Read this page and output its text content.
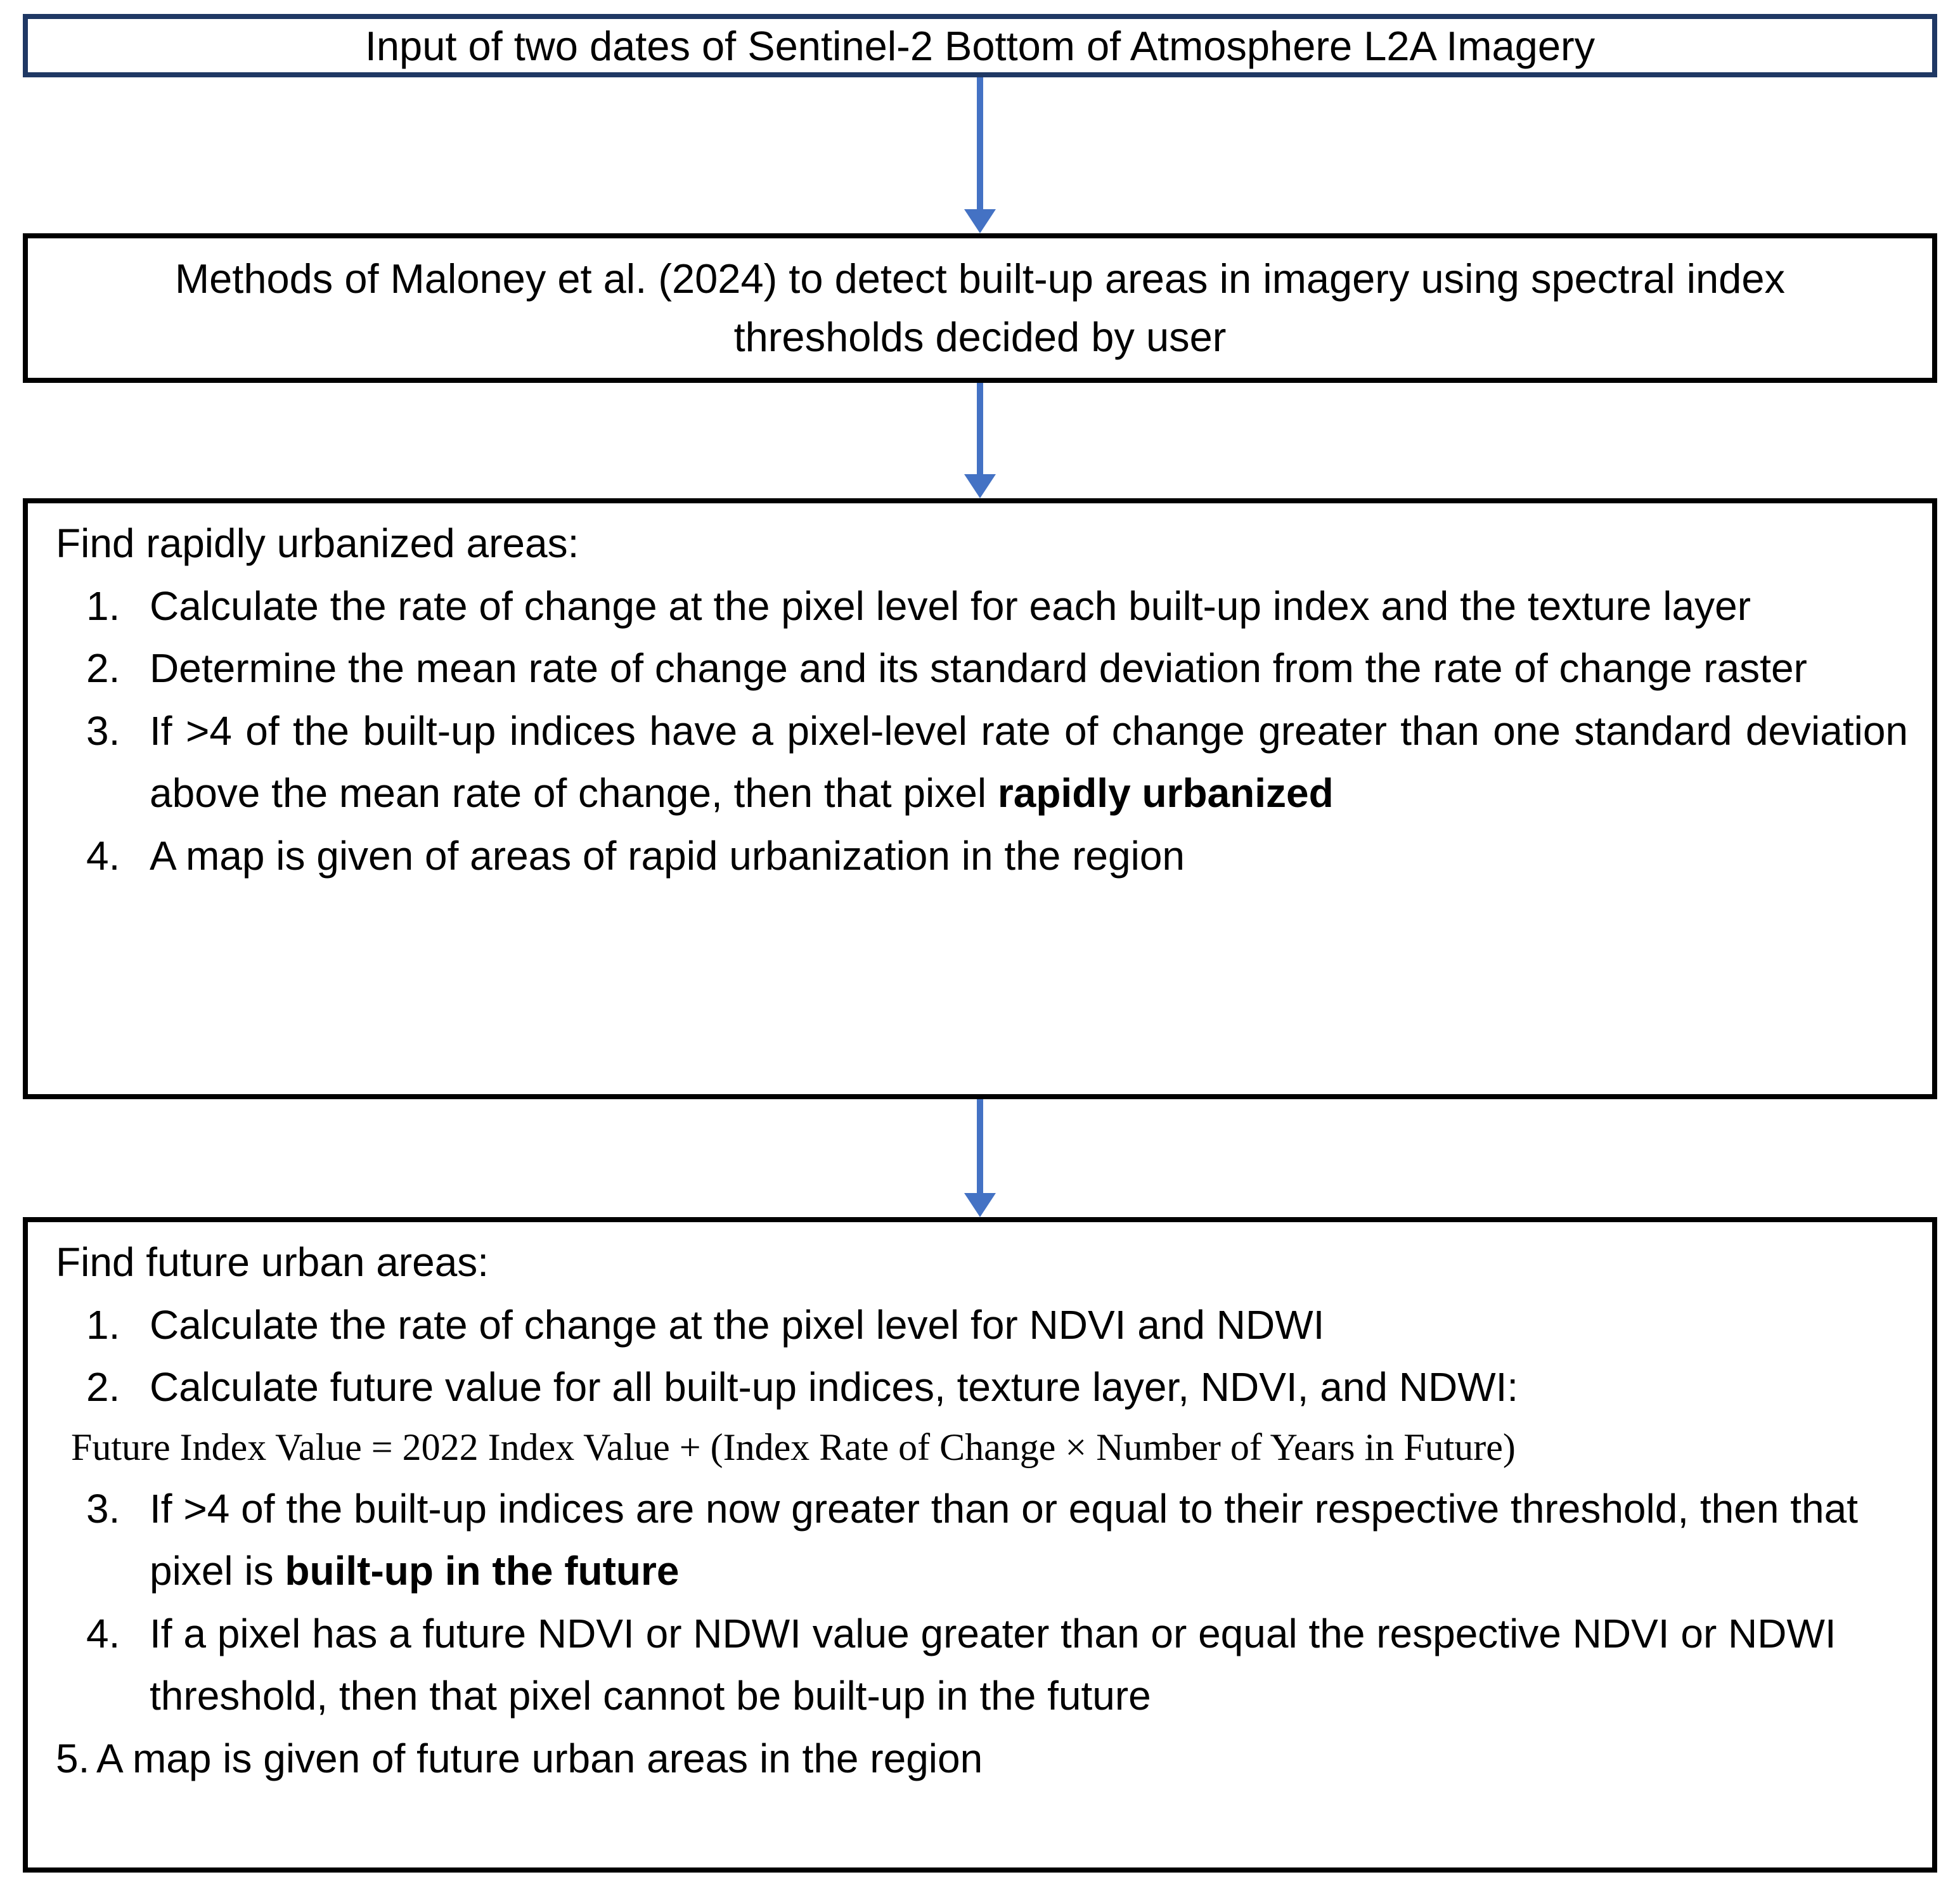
Input of two dates of Sentinel-2 Bottom of Atmosphere L2A Imagery
Methods of Maloney et al. (2024) to detect built-up areas in imagery using spectral index thresholds decided by user
Find rapidly urbanized areas:
1. Calculate the rate of change at the pixel level for each built-up index and the texture layer
2. Determine the mean rate of change and its standard deviation from the rate of change raster
3. If >4 of the built-up indices have a pixel-level rate of change greater than one standard deviation above the mean rate of change, then that pixel rapidly urbanized
4. A map is given of areas of rapid urbanization in the region
Find future urban areas:
1. Calculate the rate of change at the pixel level for NDVI and NDWI
2. Calculate future value for all built-up indices, texture layer, NDVI, and NDWI:
Future Index Value = 2022 Index Value + (Index Rate of Change × Number of Years in Future)
3. If >4 of the built-up indices are now greater than or equal to their respective threshold, then that pixel is built-up in the future
4. If a pixel has a future NDVI or NDWI value greater than or equal the respective NDVI or NDWI threshold, then that pixel cannot be built-up in the future
5. A map is given of future urban areas in the region
